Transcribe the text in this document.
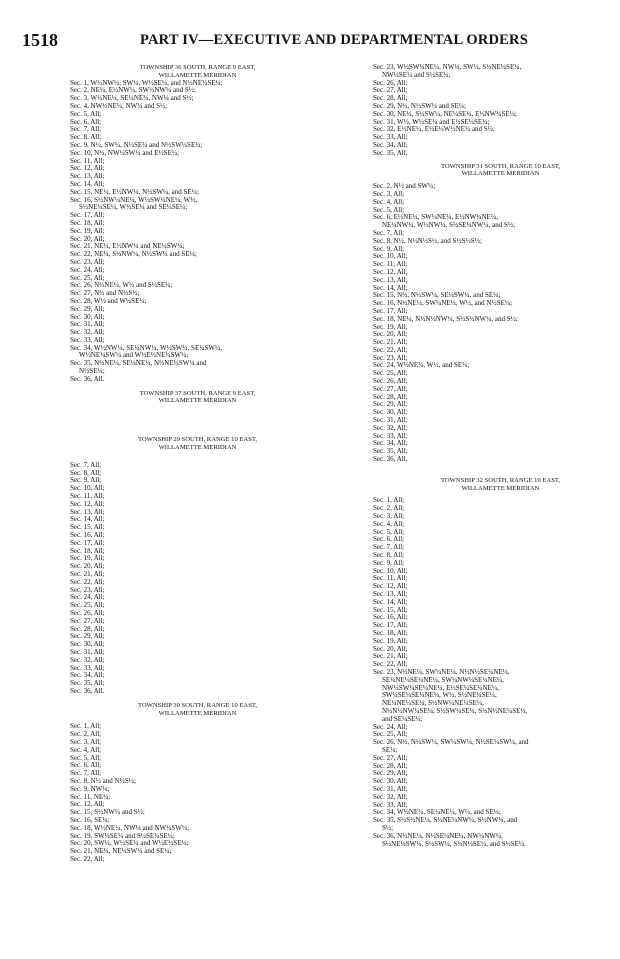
1518	PART IV—EXECUTIVE AND DEPARTMENTAL ORDERS
TOWNSHIP 36 SOUTH, RANGE 9 EAST,
WILLAMETTE MERIDIAN
Sec. 1, W½NW¼, SW¼, W½SE¼, and N½NE¼SE¼;
Sec. 2, NE¼, E½NW¼, SW½NW¼ and S½;
Sec. 3, W½NE¼, SE¼NE¼, NW¼ and S½;
Sec. 4, NW½NE¼, NW¼ and S½;
Sec. 5, All;
Sec. 6, All;
Sec. 7, All;
Sec. 8, All;
Sec. 9, N½, SW¼, N½SE¼ and N½SW¼SE¼;
Sec. 10, N½, NW¼SW¼ and E½SE¼;
Sec. 11, All;
Sec. 12, All;
Sec. 13, All;
Sec. 14, All;
Sec. 15, NE¼, E½NW¼, N½SW¼, and SE¼;
Sec. 16, S½NW¼NE¼, W½SW¼NE¼, W½,
S½NE¼SE¼, W½SE¼ and SE¼SE¼;
Sec. 17, All;
Sec. 18, All;
Sec. 19, All;
Sec. 20, All;
Sec. 21, NE¼, E½NW¼ and NE¼SW¼;
Sec. 22, NE¼, S½NW¼, N½SW¼ and SE¼;
Sec. 23, All;
Sec. 24, All;
Sec. 25, All;
Sec. 26, N½NE¼, W½ and S½SE¼;
Sec. 27, N½ and N½S½;
Sec. 28, W½ and W½SE¼;
Sec. 29, All;
Sec. 30, All;
Sec. 31, All;
Sec. 32, All;
Sec. 33, All;
Sec. 34, W½NW¼, SE¼NW¼, W½SW¼, SE¼SW¼,
W½NE¼SW¼ and W½E½NE¼SW¼;
Sec. 35, N½NE¼, SE¼NE¼, N½NE¼SW¼ and
N½SE¼;
Sec. 36, All.
TOWNSHIP 37 SOUTH, RANGE 9 EAST,
WILLAMETTE MERIDIAN
TOWNSHIP 29 SOUTH, RANGE 10 EAST,
WILLAMETTE MERIDIAN
Sec. 7, All;
Sec. 8, All;
Sec. 9, All;
Sec. 10, All;
Sec. 11, All;
Sec. 12, All;
Sec. 13, All;
Sec. 14, All;
Sec. 15, All;
Sec. 16, All;
Sec. 17, All;
Sec. 18, All;
Sec. 19, All;
Sec. 20, All;
Sec. 21, All;
Sec. 22, All;
Sec. 23, All;
Sec. 24, All;
Sec. 25, All;
Sec. 26, All;
Sec. 27, All;
Sec. 28, All;
Sec. 29, All;
Sec. 30, All;
Sec. 31, All;
Sec. 32, All;
Sec. 33, All;
Sec. 34, All;
Sec. 35, All;
Sec. 36, All.
TOWNSHIP 30 SOUTH, RANGE 10 EAST,
WILLAMETTE MERIDIAN
Sec. 1, All;
Sec. 2, All;
Sec. 3, All;
Sec. 4, All;
Sec. 5, All;
Sec. 6, All;
Sec. 7, All;
Sec. 8, N½ and N½S½;
Sec. 9, NW¼;
Sec. 11, NE¼;
Sec. 12, All;
Sec. 15, S½NW¼ and S½;
Sec. 16, SE¼;
Sec. 18, W½NE¼, NW¼ and NW¼SW¼;
Sec. 19, SW¼SE¼ and S½SE¼SE¼;
Sec. 20, SW¼, W½SE¼ and W½E½SE¼;
Sec. 21, NE¼, NE¼SW¼ and SE¼;
Sec. 22, All;
Sec. 23, W½SW¼NE¼, NW¼, SW¼, S½NE¼SE¼,
NW¼SE¼ and S½SE¼;
Sec. 26, All;
Sec. 27, All;
Sec. 28, All;
Sec. 29, N½, N½SW¼ and SE¼;
Sec. 30, NE¼, S½SW¼, NE¼SE¼, E½NW¼SE¼;
Sec. 31, W½, W½SE¼ and E½SE¼SE¼;
Sec. 32, E½NE¼, E½E½W½NE¼ and S½;
Sec. 33, All;
Sec. 34, All;
Sec. 35, All;
TOWNSHIP 31 SOUTH, RANGE 10 EAST,
WILLAMETTE MERIDIAN
Sec. 2, N½ and SW¼;
Sec. 3, All;
Sec. 4, All;
Sec. 5, All;
Sec. 6, E½NE¼, SW¼NE¼, E½NW¼NE¼,
NE¼NW¼, W½NW¼, S½SE¼NW¼, and S½;
Sec. 7, All;
Sec. 8, N½, N½N½S½, and S½S½S½;
Sec. 9, All;
Sec. 10, All;
Sec. 11, All;
Sec. 12, All;
Sec. 13, All;
Sec. 14, All;
Sec. 15, N½, N½SW¼, SE¼SW¼, and SE¼;
Sec. 16, N½NE¼, SW¼NE¼, W½, and N½SE¼;
Sec. 17, All;
Sec. 18, NE¼, N½N½NW¼, S½S½NW¼, and S½;
Sec. 19, All;
Sec. 20, All;
Sec. 21, All;
Sec. 22, All;
Sec. 23, All;
Sec. 24, W½NE¼, W½, and SE¼;
Sec. 25, All;
Sec. 26, All;
Sec. 27, All;
Sec. 28, All;
Sec. 29, All;
Sec. 30, All;
Sec. 31, All;
Sec. 32, All;
Sec. 33, All;
Sec. 34, All;
Sec. 35, All;
Sec. 36, All.
TOWNSHIP 32 SOUTH, RANGE 10 EAST,
WILLAMETTE MERIDIAN
Sec. 1, All;
Sec. 2, All;
Sec. 3, All;
Sec. 4, All;
Sec. 5, All;
Sec. 6, All;
Sec. 7, All;
Sec. 8, All;
Sec. 9, All;
Sec. 10, All;
Sec. 11, All;
Sec. 12, All;
Sec. 13, All;
Sec. 14, All;
Sec. 15, All;
Sec. 16, All;
Sec. 17, All;
Sec. 18, All;
Sec. 19, All;
Sec. 20, All;
Sec. 21, All;
Sec. 22, All;
Sec. 23, N½NE¼, SW¼NE¼, N½N½SE¼NE¼,
SE¼NE¼SE¼NE¼, SW¼NW¼SE¼NE¼,
NW¼SW¼SE¼NE¼, E½SE¼SE¼NE¼,
SW¼SE¼SE¼NE¼, W½, S½NE¼SE¼,
NE¼NE¼SE¼, S½NW¼NE¼SE¼,
N½N½NW¼SE¼, S½SW¼SE¼, S½N½NE¼SE¼,
and SE¼SE¼;
Sec. 24, All;
Sec. 25, All;
Sec. 26, N½, N½SW¼, SW¼SW¼, N½SE¼SW¼, and
SE¼;
Sec. 27, All;
Sec. 28, All;
Sec. 29, All;
Sec. 30, All;
Sec. 31, All;
Sec. 32, All;
Sec. 33, All;
Sec. 34, W½NE¼, SE¼NE¼, W½, and SE¼;
Sec. 35, S½S½NE¼, S½NE¼NW¼, S½NW¼, and
S½;
Sec. 36, N½NE¼, N½SE¼NE¼, NW¼NW¼,
S½NE¼SW¼, S½SW¼, S½N½SE¼, and S½SE¼.
